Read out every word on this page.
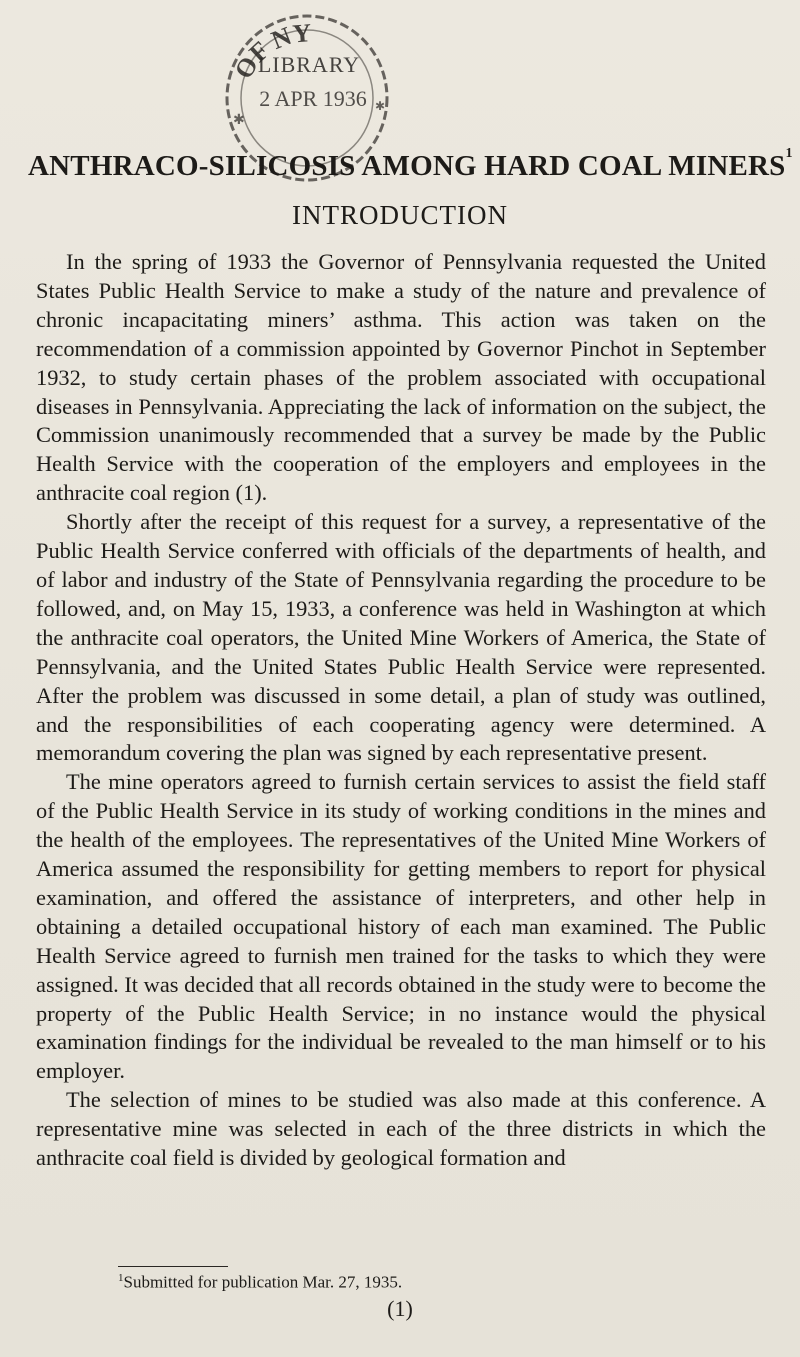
OF NY
LIBRARY
2 APR 1936
✱
✱
ANTHRACO-SILICOSIS AMONG HARD COAL MINERS$^1$
INTRODUCTION

In the spring of 1933 the Governor of Pennsylvania requested the United States Public Health Service to make a study of the nature and prevalence of chronic incapacitating miners’ asthma. This action was taken on the recommendation of a commission appointed by Governor Pinchot in September 1932, to study certain phases of the problem associated with occupational diseases in Pennsylvania. Appreciating the lack of information on the subject, the Commission unanimously recommended that a survey be made by the Public Health Service with the cooperation of the employers and employees in the anthracite coal region (1).

Shortly after the receipt of this request for a survey, a representative of the Public Health Service conferred with officials of the departments of health, and of labor and industry of the State of Pennsylvania regarding the procedure to be followed, and, on May 15, 1933, a conference was held in Washington at which the anthracite coal operators, the United Mine Workers of America, the State of Pennsylvania, and the United States Public Health Service were represented. After the problem was discussed in some detail, a plan of study was outlined, and the responsibilities of each cooperating agency were determined. A memorandum covering the plan was signed by each representative present.

The mine operators agreed to furnish certain services to assist the field staff of the Public Health Service in its study of working conditions in the mines and the health of the employees. The representatives of the United Mine Workers of America assumed the responsibility for getting members to report for physical examination, and offered the assistance of interpreters, and other help in obtaining a detailed occupational history of each man examined. The Public Health Service agreed to furnish men trained for the tasks to which they were assigned. It was decided that all records obtained in the study were to become the property of the Public Health Service; in no instance would the physical examination findings for the individual be revealed to the man himself or to his employer.

The selection of mines to be studied was also made at this conference. A representative mine was selected in each of the three districts in which the anthracite coal field is divided by geological formation and

$^1$Submitted for publication Mar. 27, 1935.
(1)
